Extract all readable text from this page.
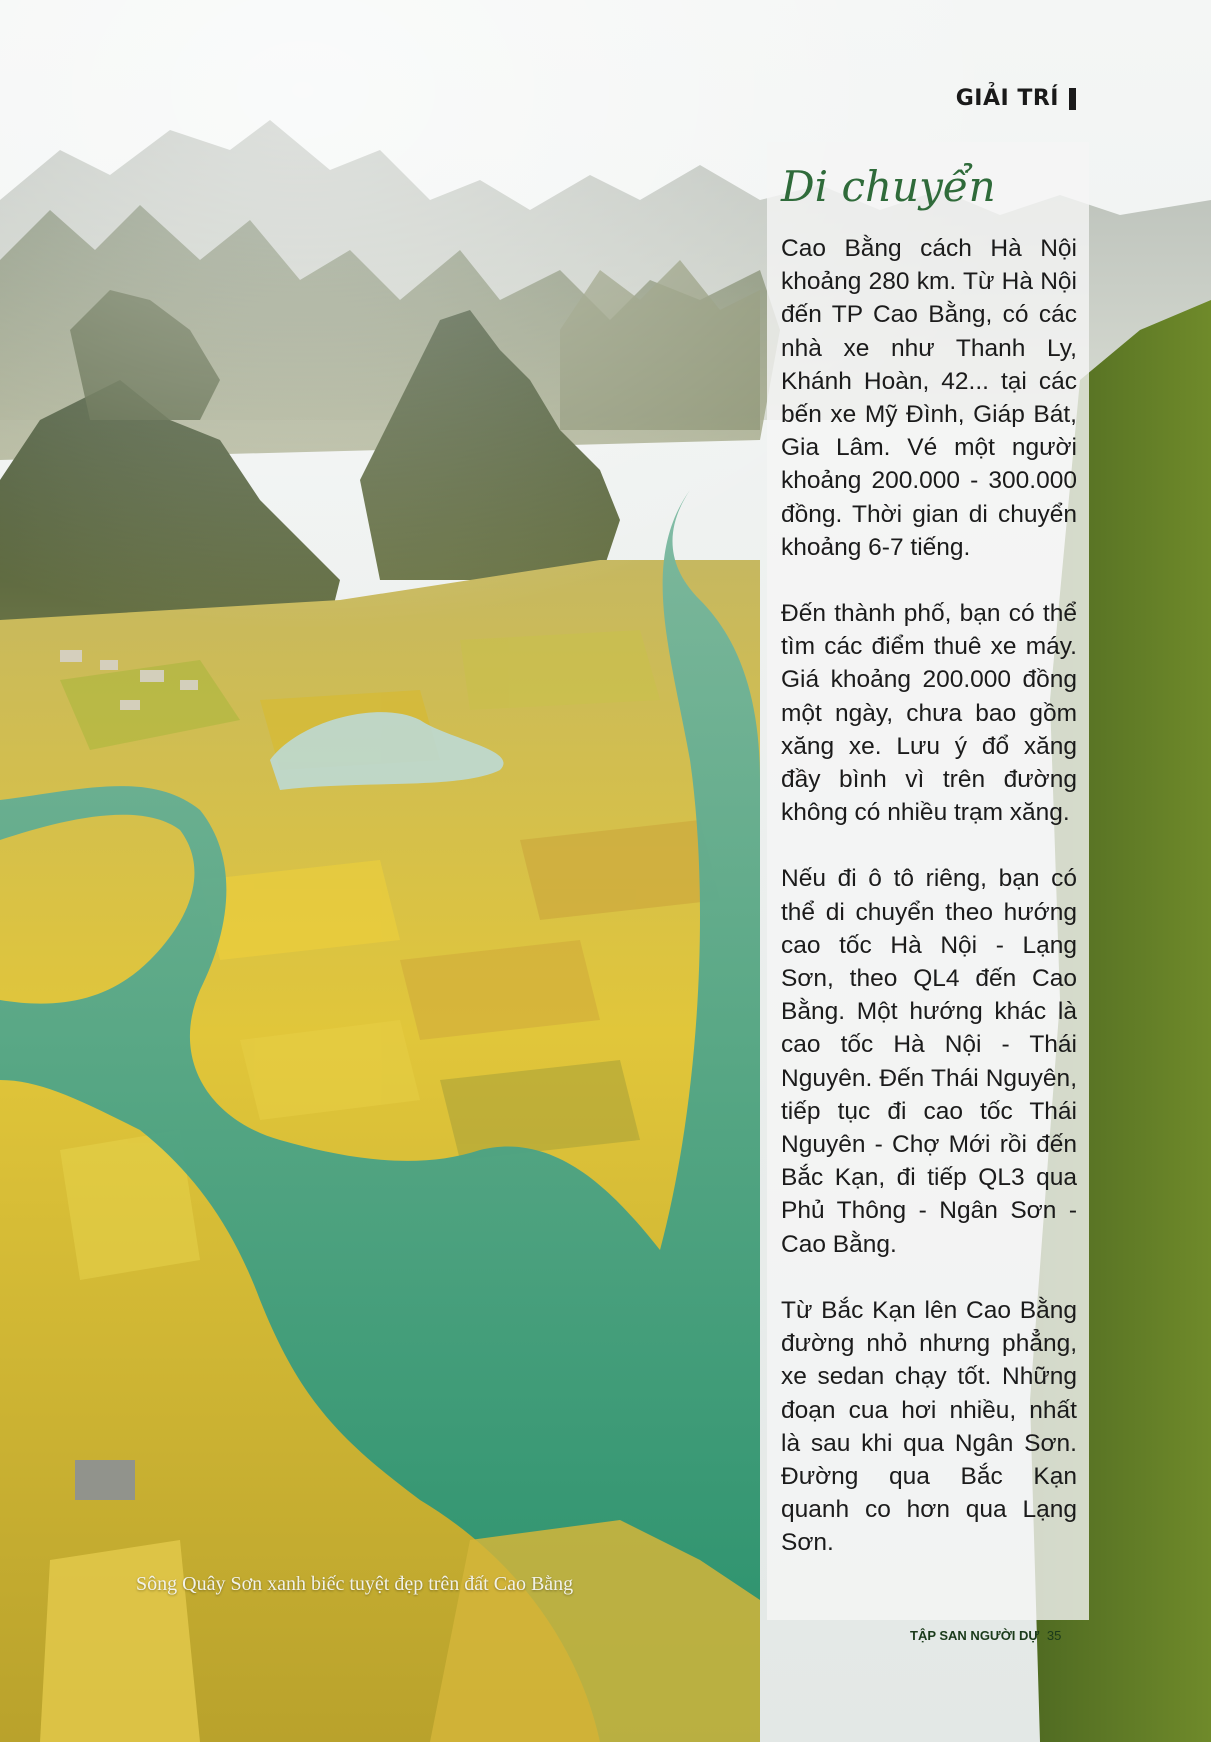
GIẢI TRÍ
Di chuyển

Cao Bằng cách Hà Nội khoảng 280 km. Từ Hà Nội đến TP Cao Bằng, có các nhà xe như Thanh Ly, Khánh Hoàn, 42... tại các bến xe Mỹ Đình, Giáp Bát, Gia Lâm. Vé một người khoảng 200.000 - 300.000 đồng. Thời gian di chuyển khoảng 6-7 tiếng.

Đến thành phố, bạn có thể tìm các điểm thuê xe máy. Giá khoảng 200.000 đồng một ngày, chưa bao gồm xăng xe. Lưu ý đổ xăng đầy bình vì trên đường không có nhiều trạm xăng.

Nếu đi ô tô riêng, bạn có thể di chuyển theo hướng cao tốc Hà Nội - Lạng Sơn, theo QL4 đến Cao Bằng. Một hướng khác là cao tốc Hà Nội - Thái Nguyên. Đến Thái Nguyên, tiếp tục đi cao tốc Thái Nguyên - Chợ Mới rồi đến Bắc Kạn, đi tiếp QL3 qua Phủ Thông - Ngân Sơn - Cao Bằng.

Từ Bắc Kạn lên Cao Bằng đường nhỏ nhưng phẳng, xe sedan chạy tốt. Những đoạn cua hơi nhiều, nhất là sau khi qua Ngân Sơn. Đường qua Bắc Kạn quanh co hơn qua Lạng Sơn.

Sông Quây Sơn xanh biếc tuyệt đẹp trên đất Cao Bằng
TẬP SAN NGƯỜI DỰ 35
